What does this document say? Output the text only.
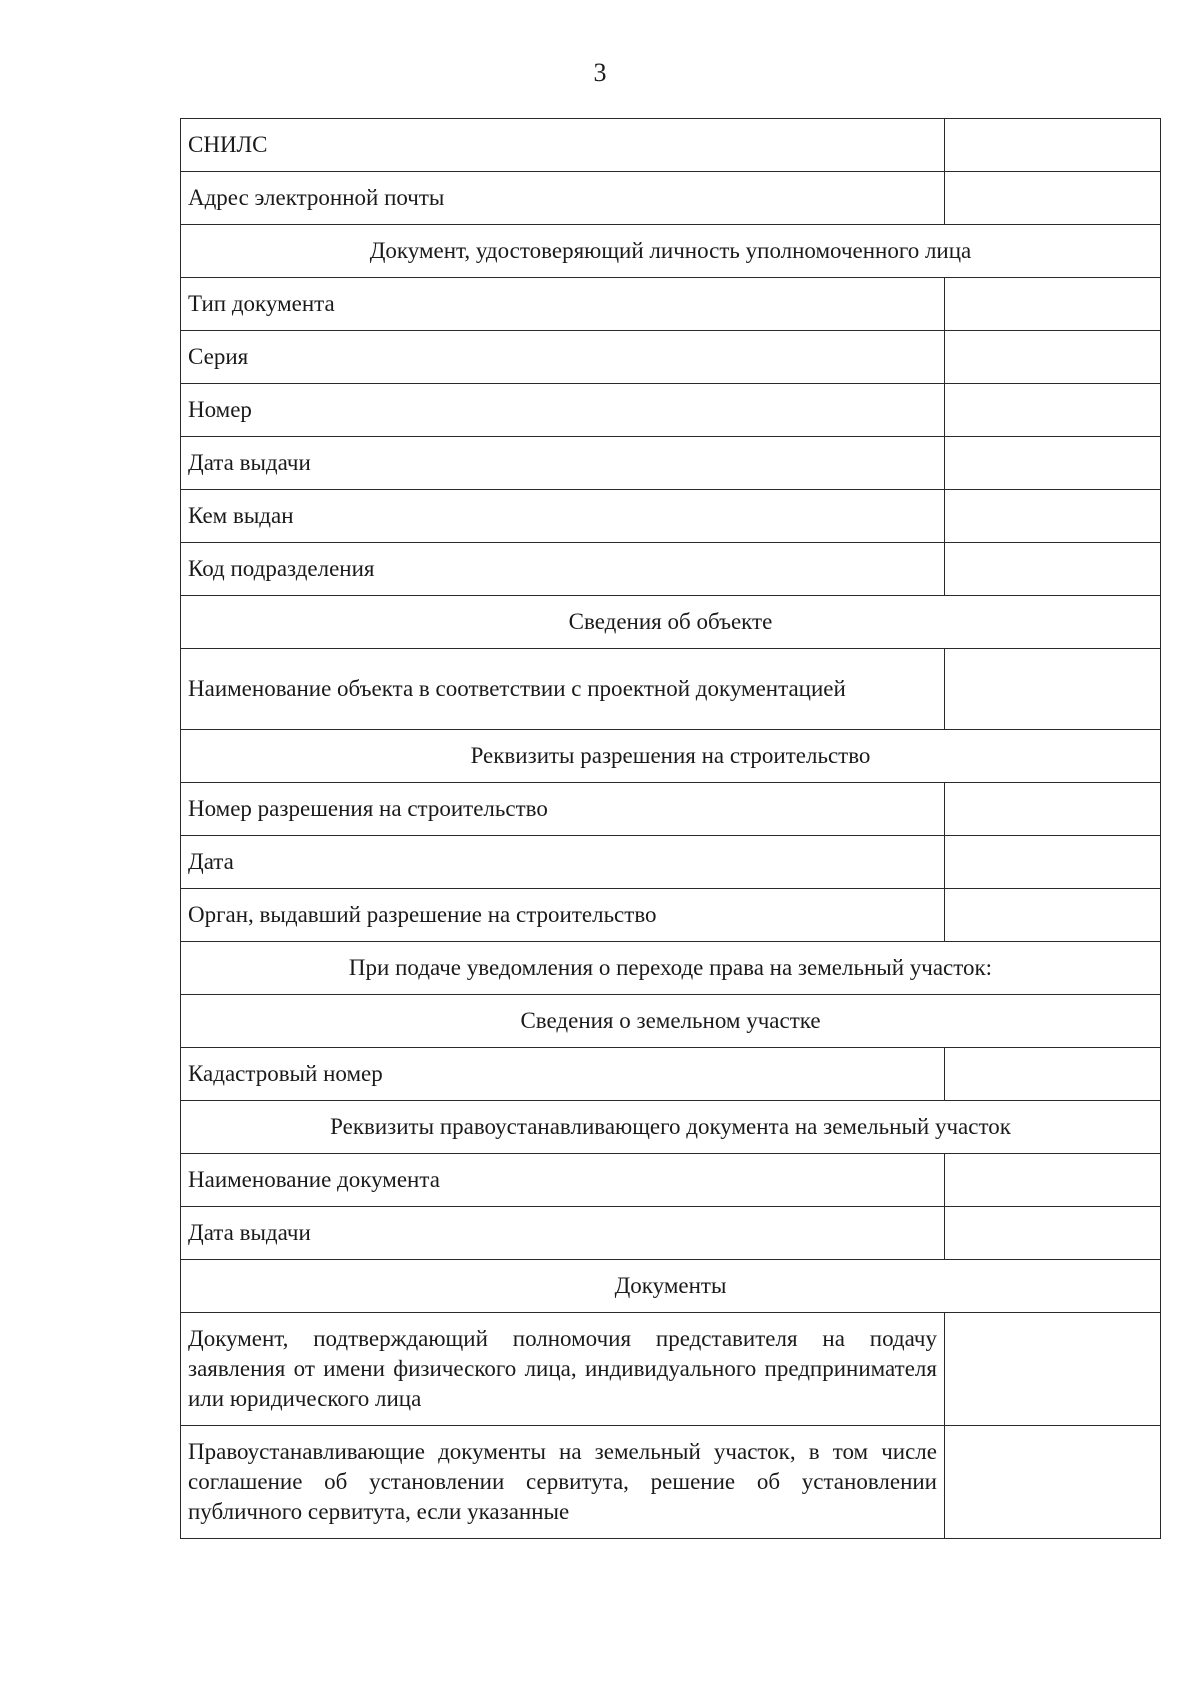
3
СНИЛС	
Адрес электронной почты	
Документ, удостоверяющий личность уполномоченного лица	
Тип документа	
Серия	
Номер	
Дата выдачи	
Кем выдан	
Код подразделения	
Сведения об объекте	
Наименование объекта в соответствии с проектной документацией	
Реквизиты разрешения на строительство	
Номер разрешения на строительство	
Дата	
Орган, выдавший разрешение на строительство	
При подаче уведомления о переходе права на земельный участок:	
Сведения о земельном участке	
Кадастровый номер	
Реквизиты правоустанавливающего документа на земельный участок	
Наименование документа	
Дата выдачи	
Документы	
Документ, подтверждающий полномочия представителя на подачу заявления от имени физического лица, индивидуального предпринимателя или юридического лица	
Правоустанавливающие документы на земельный участок, в том числе соглашение об установлении сервитута, решение об установлении публичного сервитута, если указанные	
